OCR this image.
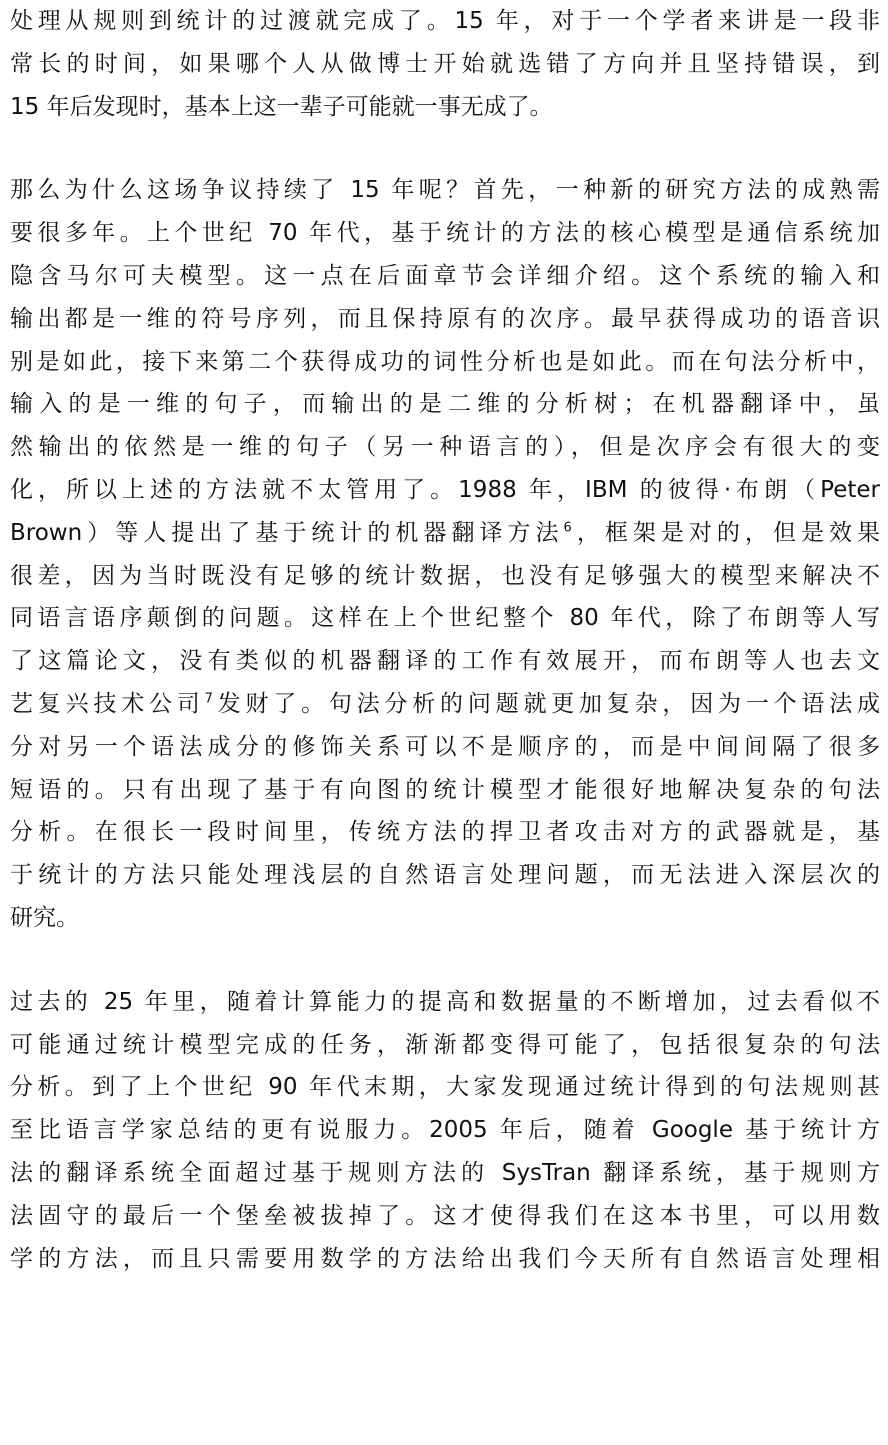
处理从规则到统计的过渡就完成了。15 年，对于一个学者来讲是一段非
常长的时间，如果哪个人从做博士开始就选错了方向并且坚持错误，到
15 年后发现时，基本上这一辈子可能就一事无成了。
那么为什么这场争议持续了 15 年呢？首先，一种新的研究方法的成熟需
要很多年。上个世纪 70 年代，基于统计的方法的核心模型是通信系统加
隐含马尔可夫模型。这一点在后面章节会详细介绍。这个系统的输入和
输出都是一维的符号序列，而且保持原有的次序。最早获得成功的语音识
别是如此，接下来第二个获得成功的词性分析也是如此。而在句法分析中，
输入的是一维的句子，而输出的是二维的分析树；在机器翻译中，虽
然输出的依然是一维的句子（另一种语言的），但是次序会有很大的变
化，所以上述的方法就不太管用了。1988 年，IBM 的彼得·布朗（Peter
Brown）等人提出了基于统计的机器翻译方法$^6$，框架是对的，但是效果
很差，因为当时既没有足够的统计数据，也没有足够强大的模型来解决不
同语言语序颠倒的问题。这样在上个世纪整个 80 年代，除了布朗等人写
了这篇论文，没有类似的机器翻译的工作有效展开，而布朗等人也去文
艺复兴技术公司$^7$发财了。句法分析的问题就更加复杂，因为一个语法成
分对另一个语法成分的修饰关系可以不是顺序的，而是中间间隔了很多
短语的。只有出现了基于有向图的统计模型才能很好地解决复杂的句法
分析。在很长一段时间里，传统方法的捍卫者攻击对方的武器就是，基
于统计的方法只能处理浅层的自然语言处理问题，而无法进入深层次的
研究。
过去的 25 年里，随着计算能力的提高和数据量的不断增加，过去看似不
可能通过统计模型完成的任务，渐渐都变得可能了，包括很复杂的句法
分析。到了上个世纪 90 年代末期，大家发现通过统计得到的句法规则甚
至比语言学家总结的更有说服力。2005 年后，随着 Google 基于统计方
法的翻译系统全面超过基于规则方法的 SysTran 翻译系统，基于规则方
法固守的最后一个堡垒被拔掉了。这才使得我们在这本书里，可以用数
学的方法，而且只需要用数学的方法给出我们今天所有自然语言处理相
